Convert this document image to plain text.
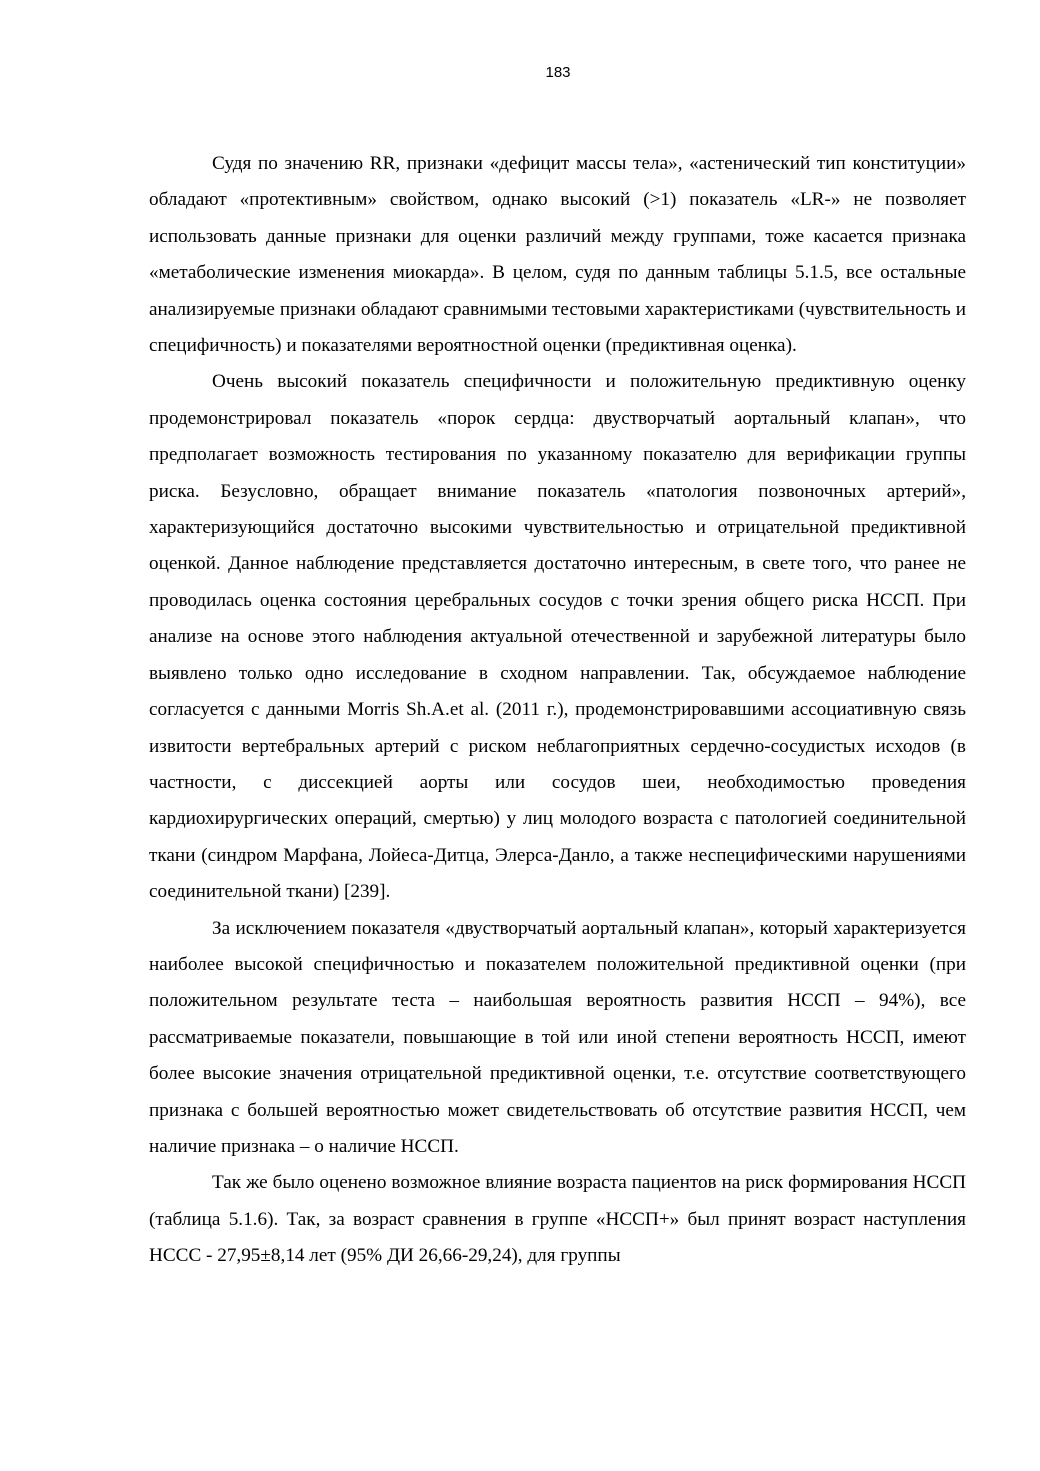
183

Судя по значению RR, признаки «дефицит массы тела», «астенический тип конституции» обладают «протективным» свойством, однако высокий (>1) показатель «LR-» не позволяет использовать данные признаки для оценки различий между группами, тоже касается признака «метаболические изменения миокарда». В целом, судя по данным таблицы 5.1.5, все остальные анализируемые признаки обладают сравнимыми тестовыми характеристиками (чувствительность и специфичность) и показателями вероятностной оценки (предиктивная оценка).

Очень высокий показатель специфичности и положительную предиктивную оценку продемонстрировал показатель «порок сердца: двустворчатый аортальный клапан», что предполагает возможность тестирования по указанному показателю для верификации группы риска. Безусловно, обращает внимание показатель «патология позвоночных артерий», характеризующийся достаточно высокими чувствительностью и отрицательной предиктивной оценкой. Данное наблюдение представляется достаточно интересным, в свете того, что ранее не проводилась оценка состояния церебральных сосудов с точки зрения общего риска НССП. При анализе на основе этого наблюдения актуальной отечественной и зарубежной литературы было выявлено только одно исследование в сходном направлении. Так, обсуждаемое наблюдение согласуется с данными Morris Sh.A.et al. (2011 г.), продемонстрировавшими ассоциативную связь извитости вертебральных артерий с риском неблагоприятных сердечно-сосудистых исходов (в частности, с диссекцией аорты или сосудов шеи, необходимостью проведения кардиохирургических операций, смертью) у лиц молодого возраста с патологией соединительной ткани (синдром Марфана, Лойеса-Дитца, Элерса-Данло, а также неспецифическими нарушениями соединительной ткани) [239].

За исключением показателя «двустворчатый аортальный клапан», который характеризуется наиболее высокой специфичностью и показателем положительной предиктивной оценки (при положительном результате теста – наибольшая вероятность развития НССП – 94%), все рассматриваемые показатели, повышающие в той или иной степени вероятность НССП, имеют более высокие значения отрицательной предиктивной оценки, т.е. отсутствие соответствующего признака с большей вероятностью может свидетельствовать об отсутствие развития НССП, чем наличие признака – о наличие НССП.

Так же было оценено возможное влияние возраста пациентов на риск формирования НССП (таблица 5.1.6). Так, за возраст сравнения в группе «НССП+» был принят возраст наступления НССС - 27,95±8,14 лет (95% ДИ 26,66-29,24), для группы
